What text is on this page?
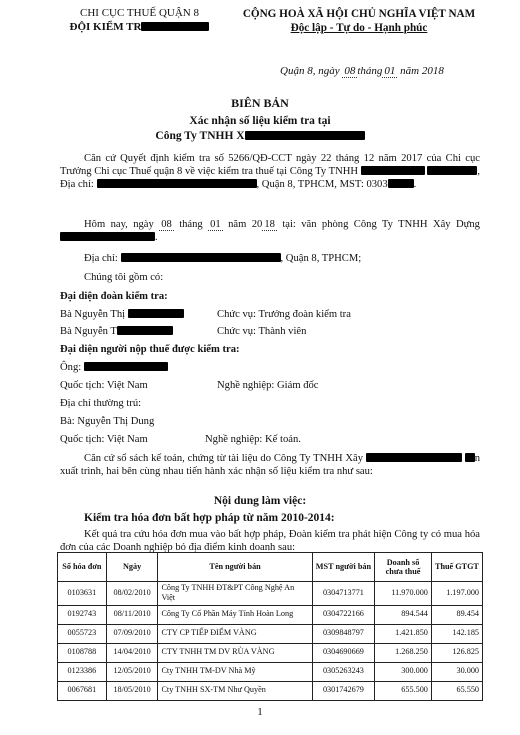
CHI CỤC THUẾ QUẬN 8
ĐỘI KIỂM TR
CỘNG HOÀ XÃ HỘI CHỦ NGHĨA VIỆT NAM
Độc lập - Tự do - Hạnh phúc
Quận 8, ngày 08 tháng 01 năm 2018
BIÊN BẢN
Xác nhận số liệu kiểm tra tại
Công Ty TNHH X
Căn cứ Quyết định kiểm tra số 5266/QĐ-CCT ngày 22 tháng 12 năm 2017 của Chi cục Trưởng Chi cục Thuế quận 8 về việc kiểm tra thuế tại Công Ty TNHH	, Địa chỉ:	, Quận 8, TPHCM, MST: 0303 .
Hôm nay, ngày 08 tháng 01 năm 20 18 tại: văn phòng Công Ty TNHH Xây Dựng .
Địa chỉ:	, Quận 8, TPHCM;
Chúng tôi gồm có:
Đại diện đoàn kiểm tra:
Bà Nguyễn Thị	Chức vụ: Trưởng đoàn kiểm tra
Bà Nguyễn T	Chức vụ: Thành viên
Đại diện người nộp thuế được kiểm tra:
Ông:
Quốc tịch: Việt Nam	Nghề nghiệp: Giám đốc
Địa chỉ thường trú:
Bà: Nguyễn Thị Dung
Quốc tịch: Việt Nam	Nghề nghiệp: Kế toán.
Căn cứ sổ sách kế toán, chứng từ tài liệu do Công Ty TNHH Xây	n xuất trình, hai bên cùng nhau tiến hành xác nhận số liệu kiểm tra như sau:
Nội dung làm việc:
Kiểm tra hóa đơn bất hợp pháp từ năm 2010-2014:
Kết quả tra cứu hóa đơn mua vào bất hợp pháp, Đoàn kiểm tra phát hiện Công ty có mua hóa đơn của các Doanh nghiệp bỏ địa điểm kinh doanh sau:
Số hóa đơn	Ngày	Tên người bán	MST người bán	Doanh số chưa thuế	Thuế GTGT
0103631	08/02/2010	Công Ty TNHH ĐT&PT Công Nghệ An Việt	0304713771	11.970.000	1.197.000
0192743	08/11/2010	Công Ty Cổ Phần Máy Tính Hoàn Long	0304722166	894.544	89.454
0055723	07/09/2010	CTY CP TIẾP ĐIỂM VÀNG	0309848797	1.421.850	142.185
0108788	14/04/2010	CTY TNHH TM DV RÙA VÀNG	0304690669	1.268.250	126.825
0123386	12/05/2010	Cty TNHH TM-DV Nhà Mỹ	0305263243	300.000	30.000
0067681	18/05/2010	Cty TNHH SX-TM Như Quyền	0301742679	655.500	65.550
1
